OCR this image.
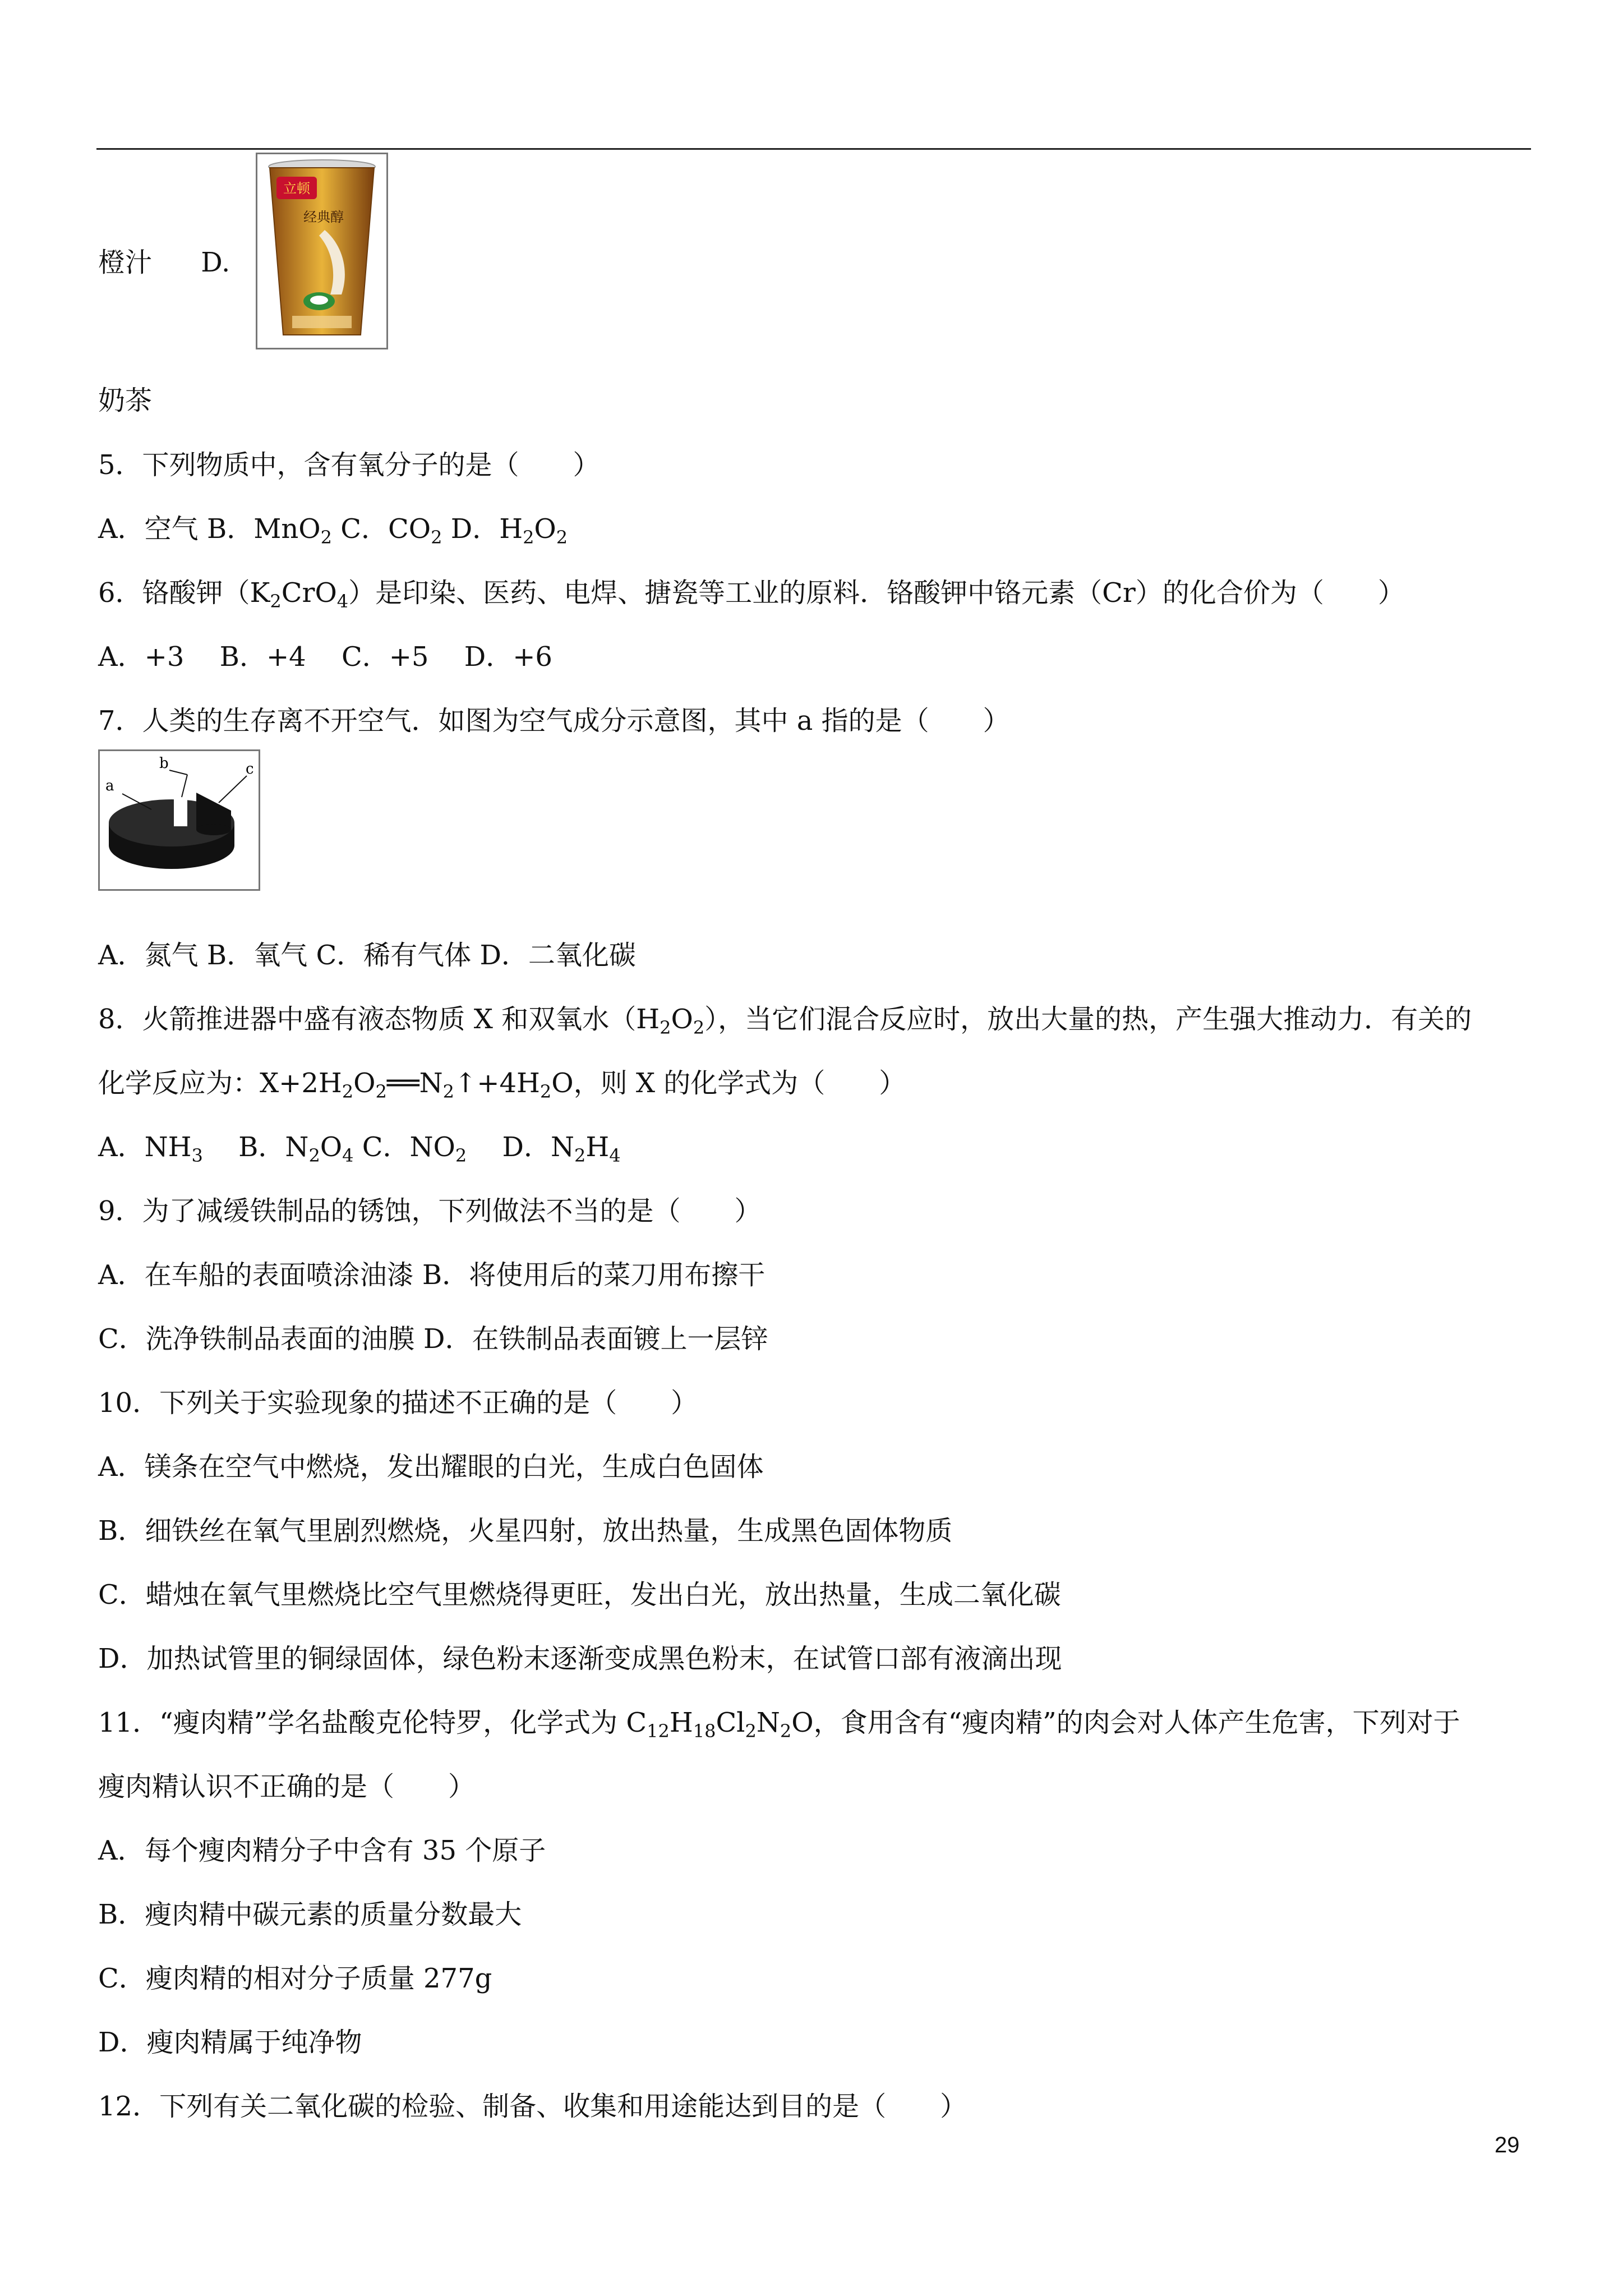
橙汁 D.
立顿
经典醇
奶茶
5．下列物质中，含有氧分子的是（　　）
A．空气 B．MnO$_2$ C．$CO_2$ D．$H_2O_2$
6．铬酸钾$(K_2CrO_4)$是印染、医药、电焊、搪瓷等工业的原料．铬酸钾中铬元素（Cr）的化合价为（　　）
A．+3　 B．+4　 C．+5　 D．+6
7．人类的生存离不开空气．如图为空气成分示意图，其中 a 指的是（　　）
a
b	c
A．氮气 B．氧气 C．稀有气体 D．二氧化碳
8．火箭推进器中盛有液态物质 X 和双氧水$(H_2O_2)$，当它们混合反应时，放出大量的热，产生强大推动力．有关的
化学反应为：$X+2H_2O_2══N_2↑+4H_2O$，则 X 的化学式为（　　）
A．$NH_3$ 　B．$N_2O_4$ C．$NO_2$ 　D．$N_2H_4$
9．为了减缓铁制品的锈蚀，下列做法不当的是（　　）
A．在车船的表面喷涂油漆 B．将使用后的菜刀用布擦干
C．洗净铁制品表面的油膜 D．在铁制品表面镀上一层锌
10．下列关于实验现象的描述不正确的是（　　）
A．镁条在空气中燃烧，发出耀眼的白光，生成白色固体
B．细铁丝在氧气里剧烈燃烧，火星四射，放出热量，生成黑色固体物质
C．蜡烛在氧气里燃烧比空气里燃烧得更旺，发出白光，放出热量，生成二氧化碳
D．加热试管里的铜绿固体，绿色粉末逐渐变成黑色粉末，在试管口部有液滴出现
11．“瘦肉精”学名盐酸克伦特罗，化学式为 $C_{12}H_{18}Cl_2N_2O$，食用含有“瘦肉精”的肉会对人体产生危害，下列对于
瘦肉精认识不正确的是（　　）
A．每个瘦肉精分子中含有 35 个原子
B．瘦肉精中碳元素的质量分数最大
C．瘦肉精的相对分子质量 277g
D．瘦肉精属于纯净物
12．下列有关二氧化碳的检验、制备、收集和用途能达到目的是（　　）
29
